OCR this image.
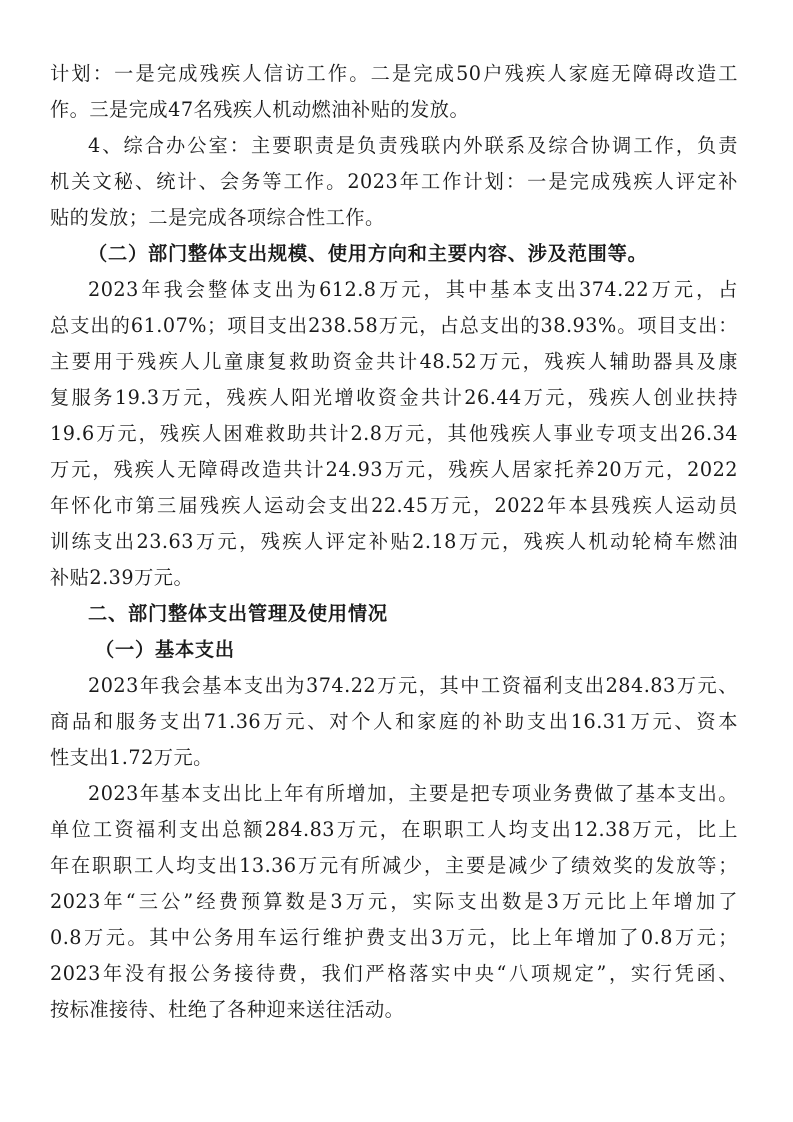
计划：一是完成残疾人信访工作。二是完成50户残疾人家庭无障碍改造工
作。三是完成47名残疾人机动燃油补贴的发放。
4、综合办公室：主要职责是负责残联内外联系及综合协调工作，负责
机关文秘、统计、会务等工作。2023年工作计划：一是完成残疾人评定补
贴的发放；二是完成各项综合性工作。
（二）部门整体支出规模、使用方向和主要内容、涉及范围等。
2023年我会整体支出为612.8万元，其中基本支出374.22万元，占
总支出的61.07%；项目支出238.58万元，占总支出的38.93%。项目支出：
主要用于残疾人儿童康复救助资金共计48.52万元，残疾人辅助器具及康
复服务19.3万元，残疾人阳光增收资金共计26.44万元，残疾人创业扶持
19.6万元，残疾人困难救助共计2.8万元，其他残疾人事业专项支出26.34
万元，残疾人无障碍改造共计24.93万元，残疾人居家托养20万元，2022
年怀化市第三届残疾人运动会支出22.45万元，2022年本县残疾人运动员
训练支出23.63万元，残疾人评定补贴2.18万元，残疾人机动轮椅车燃油
补贴2.39万元。
二、部门整体支出管理及使用情况
（一）基本支出
2023年我会基本支出为374.22万元，其中工资福利支出284.83万元、
商品和服务支出71.36万元、对个人和家庭的补助支出16.31万元、资本
性支出1.72万元。
2023年基本支出比上年有所增加，主要是把专项业务费做了基本支出。
单位工资福利支出总额284.83万元，在职职工人均支出12.38万元，比上
年在职职工人均支出13.36万元有所减少，主要是减少了绩效奖的发放等；
2023年“三公”经费预算数是3万元，实际支出数是3万元比上年增加了
0.8万元。其中公务用车运行维护费支出3万元，比上年增加了0.8万元；
2023年没有报公务接待费，我们严格落实中央“八项规定”，实行凭函、
按标准接待、杜绝了各种迎来送往活动。
